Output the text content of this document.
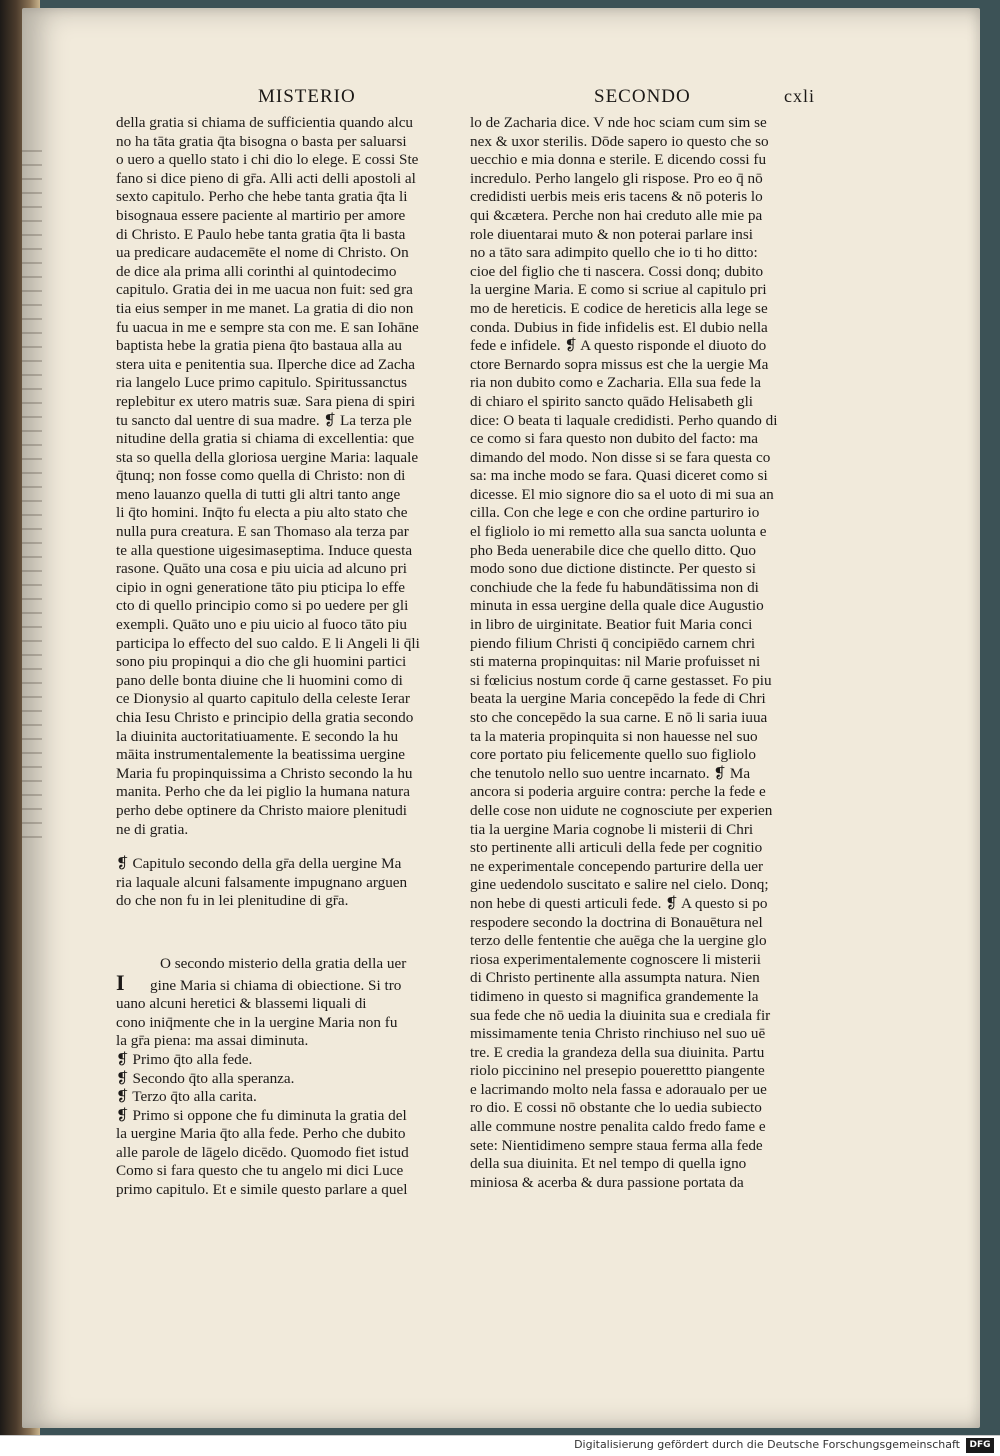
MISTERIO	SECONDO	cxli

della gratia si chiama de sufficientia quando alcu

no ha tāta gratia q̄ta bisogna o basta per saluarsi

o uero a quello stato i chi dio lo elege. E cossi Ste

fano si dice pieno di gr̄a. Alli acti delli apostoli al

sexto capitulo. Perho che hebe tanta gratia q̄ta li

bisognaua essere paciente al martirio per amore

di Christo. E Paulo hebe tanta gratia q̄ta li basta

ua predicare audacemēte el nome di Christo. On

de dice ala prima alli corinthi al quintodecimo

capitulo. Gratia dei in me uacua non fuit: sed gra

tia eius semper in me manet. La gratia di dio non

fu uacua in me e sempre sta con me. E san Iohāne

baptista hebe la gratia piena q̄to bastaua alla au

stera uita e penitentia sua. Ilperche dice ad Zacha

ria langelo Luce primo capitulo. Spiritussanctus

replebitur ex utero matris suæ. Sara piena di spiri

tu sancto dal uentre di sua madre. ❡ La terza ple

nitudine della gratia si chiama di excellentia: que

sta so quella della gloriosa uergine Maria: laquale

q̄tunq; non fosse como quella di Christo: non di

meno lauanzo quella di tutti gli altri tanto ange

li q̄to homini. Inq̄to fu electa a piu alto stato che

nulla pura creatura. E san Thomaso ala terza par

te alla questione uigesimaseptima. Induce questa

rasone. Quāto una cosa e piu uicia ad alcuno pri

cipio in ogni generatione tāto piu pticipa lo effe

cto di quello principio como si po uedere per gli

exempli. Quāto uno e piu uicio al fuoco tāto piu

participa lo effecto del suo caldo. E li Angeli li q̄li

sono piu propinqui a dio che gli huomini partici

pano delle bonta diuine che li huomini como di

ce Dionysio al quarto capitulo della celeste Ierar

chia Iesu Christo e principio della gratia secondo

la diuinita auctoritatiuamente. E secondo la hu

māita instrumentalemente la beatissima uergine

Maria fu propinquissima a Christo secondo la hu

manita. Perho che da lei piglio la humana natura

perho debe optinere da Christo maiore plenitudi

ne di gratia.

❡ Capitulo secondo della gr̄a della uergine Ma

ria laquale alcuni falsamente impugnano arguen

do che non fu in lei plenitudine di gr̄a.

O secondo misterio della gratia della uer

I gine Maria si chiama di obiectione. Si tro

uano alcuni heretici & blassemi liquali di

cono iniq̄mente che in la uergine Maria non fu

la gr̄a piena: ma assai diminuta.

❡ Primo q̄to alla fede.

❡ Secondo q̄to alla speranza.

❡ Terzo q̄to alla carita.

❡ Primo si oppone che fu diminuta la gratia del

la uergine Maria q̄to alla fede. Perho che dubito

alle parole de lāgelo dicēdo. Quomodo fiet istud

Como si fara questo che tu angelo mi dici Luce

primo capitulo. Et e simile questo parlare a quel

lo de Zacharia dice. V nde hoc sciam cum sim se

nex & uxor sterilis. Dōde sapero io questo che so

uecchio e mia donna e sterile. E dicendo cossi fu

incredulo. Perho langelo gli rispose. Pro eo q̄ nō

credidisti uerbis meis eris tacens & nō poteris lo

qui &cætera. Perche non hai creduto alle mie pa

role diuentarai muto & non poterai parlare insi

no a tāto sara adimpito quello che io ti ho ditto:

cioe del figlio che ti nascera. Cossi donq; dubito

la uergine Maria. E como si scriue al capitulo pri

mo de hereticis. E codice de hereticis alla lege se

conda. Dubius in fide infidelis est. El dubio nella

fede e infidele. ❡ A questo risponde el diuoto do

ctore Bernardo sopra missus est che la uergie Ma

ria non dubito como e Zacharia. Ella sua fede la

di chiaro el spirito sancto quādo Helisabeth gli

dice: O beata ti laquale credidisti. Perho quando di

ce como si fara questo non dubito del facto: ma

dimando del modo. Non disse si se fara questa co

sa: ma inche modo se fara. Quasi diceret como si

dicesse. El mio signore dio sa el uoto di mi sua an

cilla. Con che lege e con che ordine parturiro io

el figliolo io mi remetto alla sua sancta uolunta e

pho Beda uenerabile dice che quello ditto. Quo

modo sono due dictione distincte. Per questo si

conchiude che la fede fu habundātissima non di

minuta in essa uergine della quale dice Augustio

in libro de uirginitate. Beatior fuit Maria conci

piendo filium Christi q̄ concipiēdo carnem chri

sti materna propinquitas: nil Marie profuisset ni

si fœlicius nostum corde q̄ carne gestasset. Fo piu

beata la uergine Maria concepēdo la fede di Chri

sto che concepēdo la sua carne. E nō li saria iuua

ta la materia propinquita si non hauesse nel suo

core portato piu felicemente quello suo figliolo

che tenutolo nello suo uentre incarnato. ❡ Ma

ancora si poderia arguire contra: perche la fede e

delle cose non uidute ne cognosciute per experien

tia la uergine Maria cognobe li misterii di Chri

sto pertinente alli articuli della fede per cognitio

ne experimentale concependo parturire della uer

gine uedendolo suscitato e salire nel cielo. Donq;

non hebe di questi articuli fede. ❡ A questo si po

respodere secondo la doctrina di Bonauētura nel

terzo delle fententie che auēga che la uergine glo

riosa experimentalemente cognoscere li misterii

di Christo pertinente alla assumpta natura. Nien

tidimeno in questo si magnifica grandemente la

sua fede che nō uedia la diuinita sua e crediala fir

missimamente tenia Christo rinchiuso nel suo uē

tre. E credia la grandeza della sua diuinita. Partu

riolo piccinino nel presepio pouerettto piangente

e lacrimando molto nela fassa e adoraualo per ue

ro dio. E cossi nō obstante che lo uedia subiecto

alle commune nostre penalita caldo fredo fame e

sete: Nientidimeno sempre staua ferma alla fede

della sua diuinita. Et nel tempo di quella igno

miniosa & acerba & dura passione portata da

Digitalisierung gefördert durch die Deutsche Forschungsgemeinschaft	DFG
